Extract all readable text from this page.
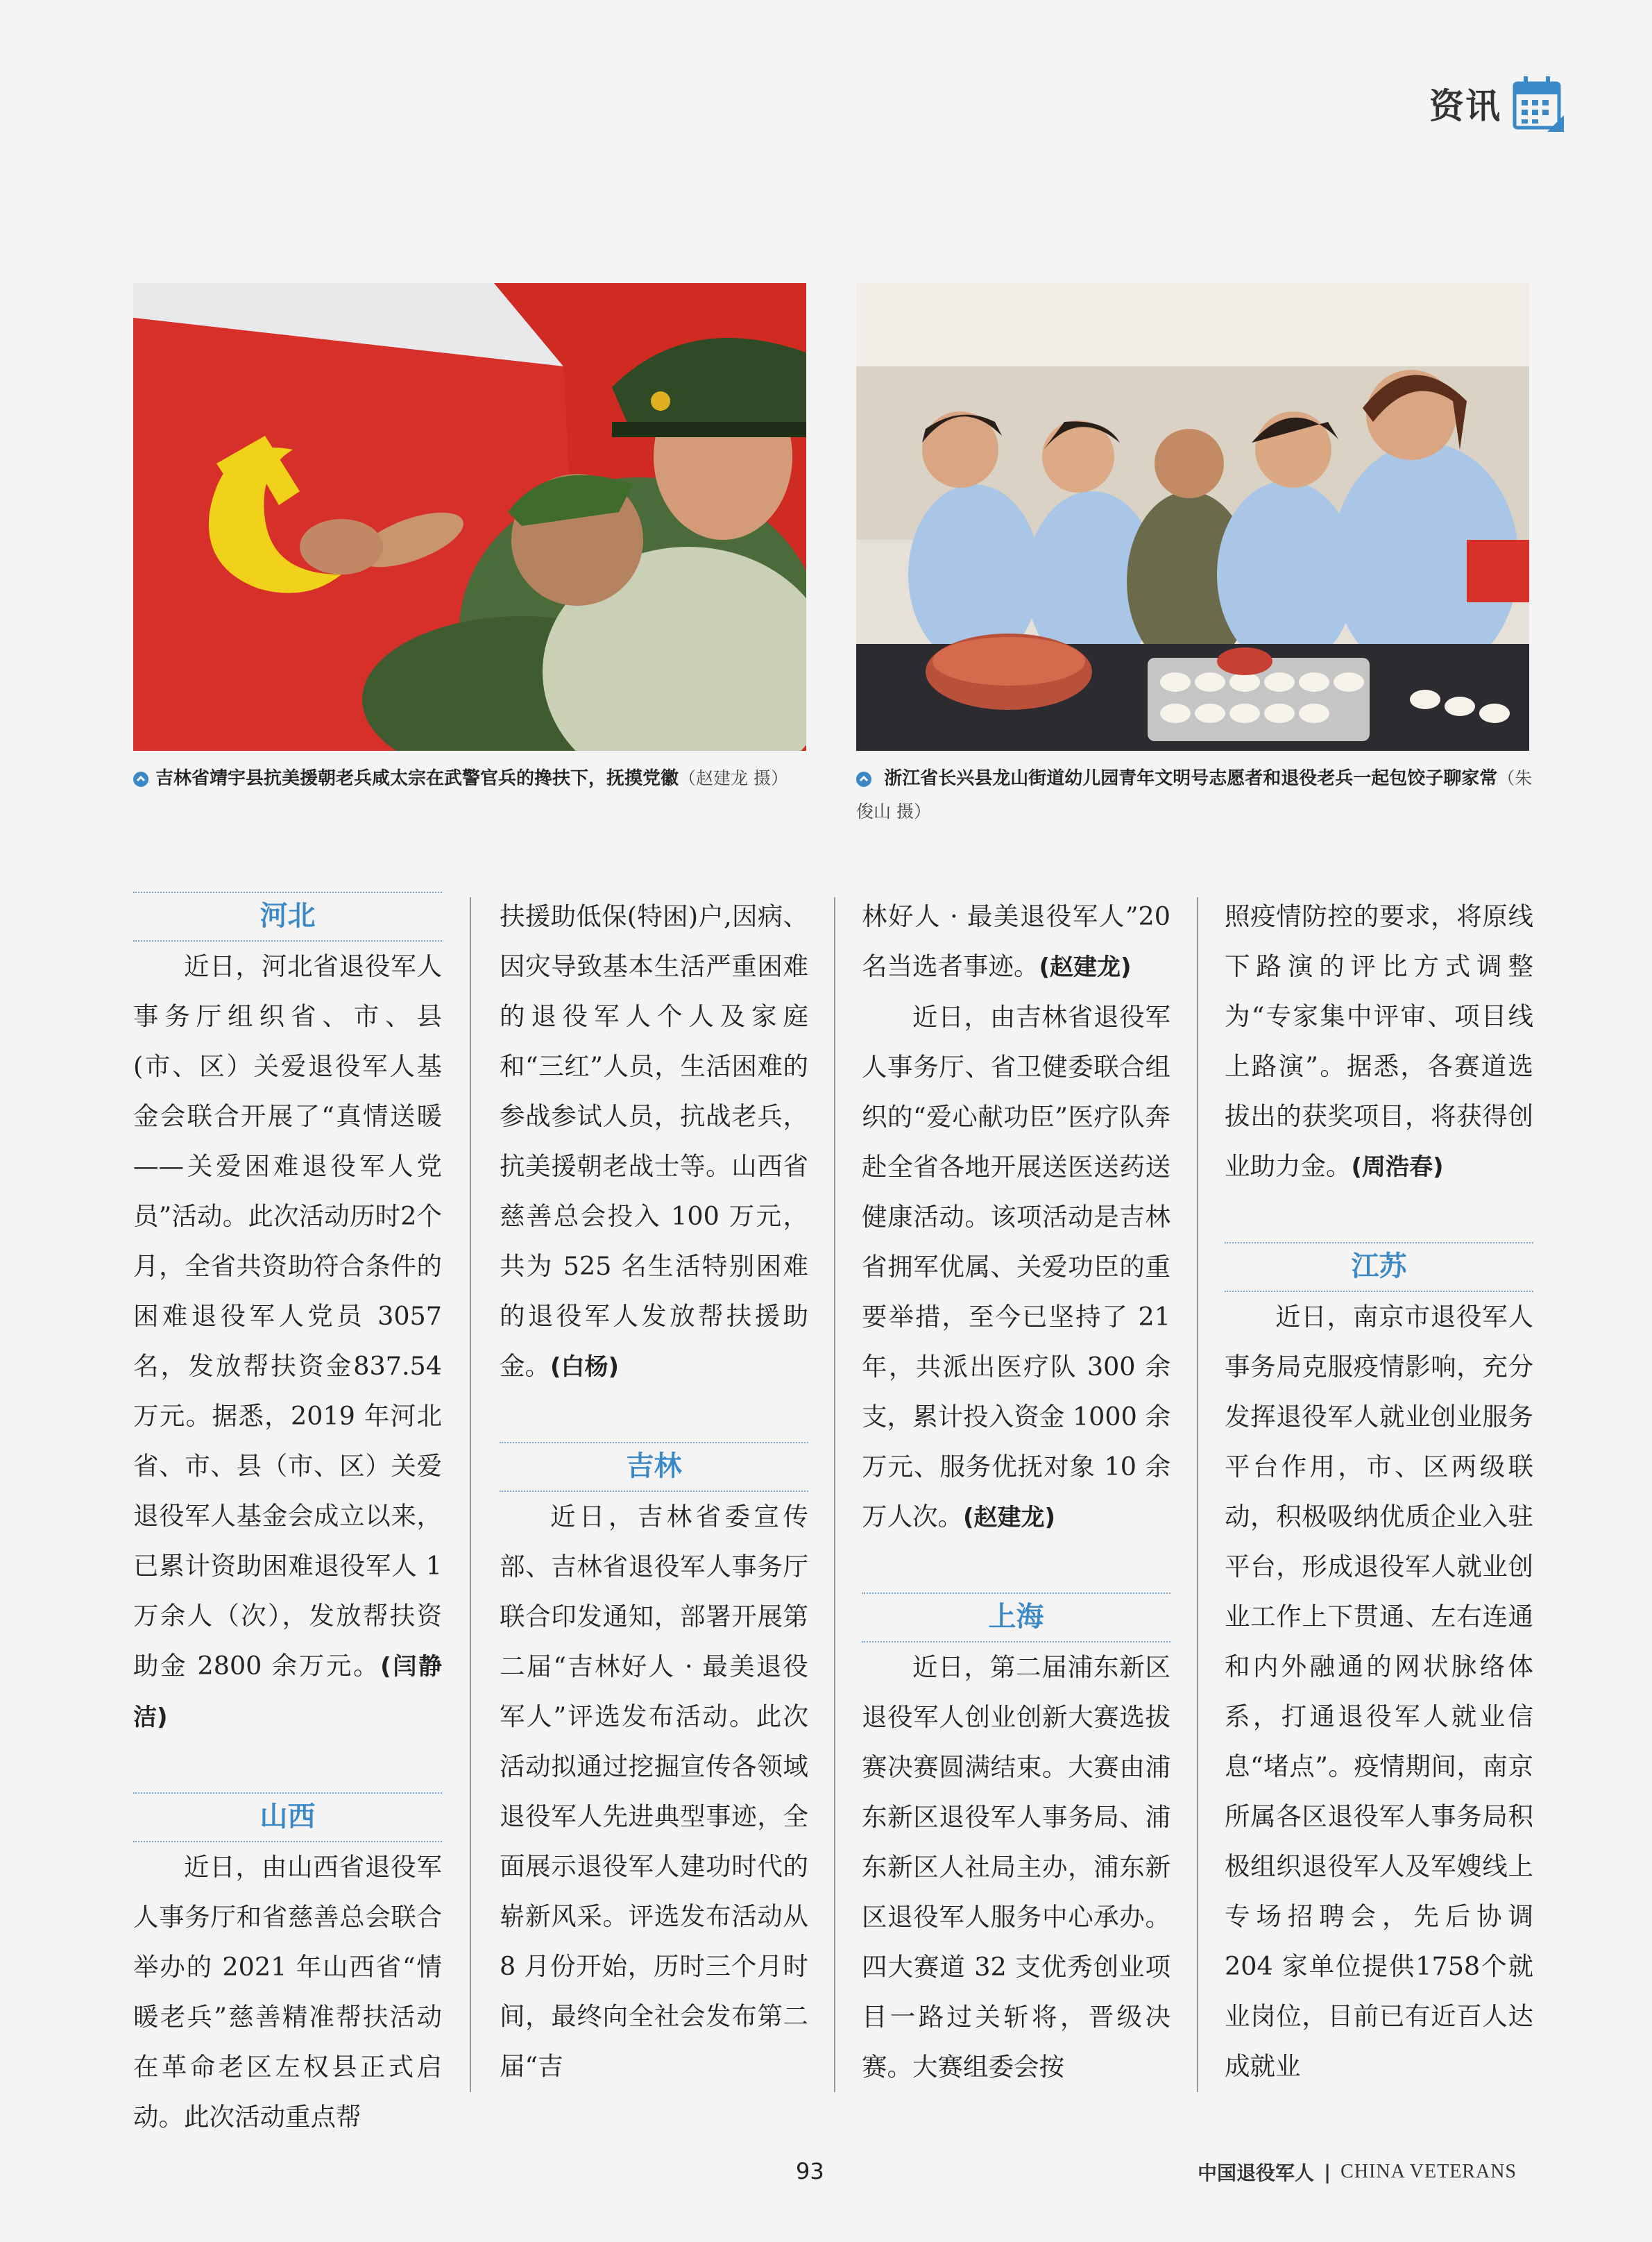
资讯
吉林省靖宇县抗美援朝老兵咸太宗在武警官兵的搀扶下，抚摸党徽（赵建龙 摄）	浙江省长兴县龙山街道幼儿园青年文明号志愿者和退役老兵一起包饺子聊家常（朱俊山 摄）
河北

近日，河北省退役军人事务厅组织省、市、县(市、区）关爱退役军人基金会联合开展了“真情送暖——关爱困难退役军人党员”活动。此次活动历时2个月，全省共资助符合条件的困难退役军人党员 3057 名，发放帮扶资金837.54万元。据悉，2019 年河北省、市、县（市、区）关爱退役军人基金会成立以来，已累计资助困难退役军人 1 万余人（次），发放帮扶资助金 2800 余万元。(闫静洁)

山西

近日，由山西省退役军人事务厅和省慈善总会联合举办的 2021 年山西省“情暖老兵”慈善精准帮扶活动在革命老区左权县正式启动。此次活动重点帮

扶援助低保(特困)户,因病、因灾导致基本生活严重困难的退役军人个人及家庭和“三红”人员，生活困难的参战参试人员，抗战老兵，抗美援朝老战士等。山西省慈善总会投入 100 万元，共为 525 名生活特别困难的退役军人发放帮扶援助金。(白杨)

吉林

近日，吉林省委宣传部、吉林省退役军人事务厅联合印发通知，部署开展第二届“吉林好人 · 最美退役军人”评选发布活动。此次活动拟通过挖掘宣传各领域退役军人先进典型事迹，全面展示退役军人建功时代的崭新风采。评选发布活动从 8 月份开始，历时三个月时间，最终向全社会发布第二届“吉

林好人 · 最美退役军人”20名当选者事迹。(赵建龙)

近日，由吉林省退役军人事务厅、省卫健委联合组织的“爱心献功臣”医疗队奔赴全省各地开展送医送药送健康活动。该项活动是吉林省拥军优属、关爱功臣的重要举措，至今已坚持了 21 年，共派出医疗队 300 余支，累计投入资金 1000 余万元、服务优抚对象 10 余万人次。(赵建龙)

上海

近日，第二届浦东新区退役军人创业创新大赛选拔赛决赛圆满结束。大赛由浦东新区退役军人事务局、浦东新区人社局主办，浦东新区退役军人服务中心承办。四大赛道 32 支优秀创业项目一路过关斩将，晋级决赛。大赛组委会按

照疫情防控的要求，将原线下路演的评比方式调整为“专家集中评审、项目线上路演”。据悉，各赛道选拔出的获奖项目，将获得创业助力金。(周浩春)

江苏

近日，南京市退役军人事务局克服疫情影响，充分发挥退役军人就业创业服务平台作用，市、区两级联动，积极吸纳优质企业入驻平台，形成退役军人就业创业工作上下贯通、左右连通和内外融通的网状脉络体系，打通退役军人就业信息“堵点”。疫情期间，南京所属各区退役军人事务局积极组织退役军人及军嫂线上专场招聘会，先后协调 204 家单位提供1758个就业岗位，目前已有近百人达成就业

93	中国退役军人 | CHINA VETERANS
